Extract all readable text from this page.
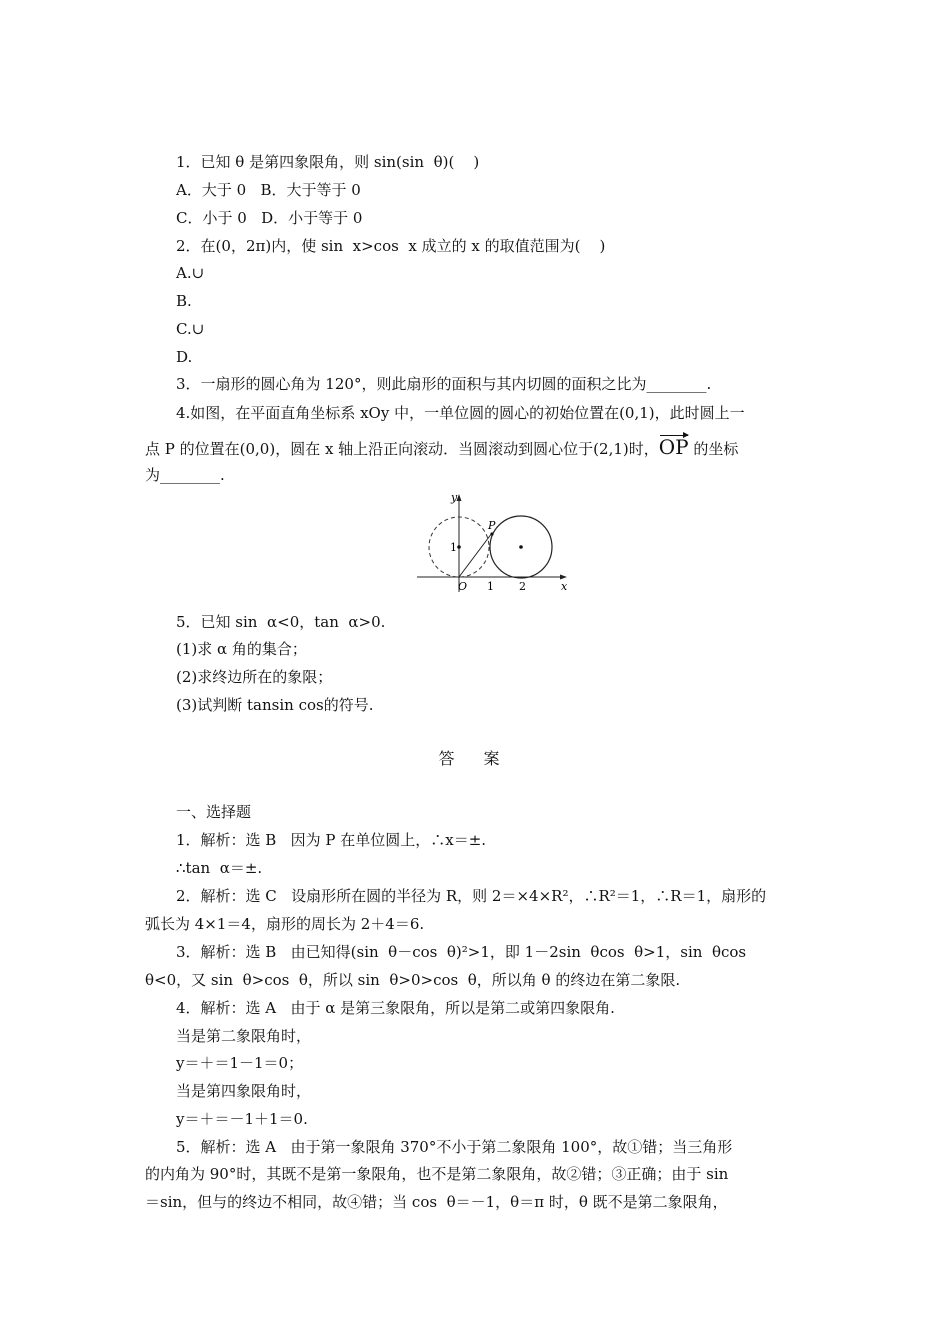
1．已知 θ 是第四象限角，则 sin(sin  θ)(    )
A．大于 0   B．大于等于 0
C．小于 0   D．小于等于 0
2．在(0，2π)内，使 sin  x>cos  x 成立的 x 的取值范围为(    )
A.∪
B.
C.∪
D.
3．一扇形的圆心角为 120°，则此扇形的面积与其内切圆的面积之比为________.
4.如图，在平面直角坐标系 xOy 中，一单位圆的圆心的初始位置在(0,1)，此时圆上一
点 P 的位置在(0,0)，圆在 x 轴上沿正向滚动．当圆滚动到圆心位于(2,1)时，OP 的坐标
为________.
P
y
x
O 1 2
1
5．已知 sin  α<0，tan  α>0.
(1)求 α 角的集合；
(2)求终边所在的象限；
(3)试判断 tansin cos的符号.
答 案
一、选择题
1．解析：选 B   因为 P 在单位圆上，∴x＝±.
∴tan  α＝±.
2．解析：选 C   设扇形所在圆的半径为 R，则 2＝×4×R²，∴R²＝1，∴R＝1，扇形的
弧长为 4×1＝4，扇形的周长为 2＋4＝6.
3．解析：选 B   由已知得(sin  θ－cos  θ)²>1，即 1－2sin  θcos  θ>1，sin  θcos
θ<0，又 sin  θ>cos  θ，所以 sin  θ>0>cos  θ，所以角 θ 的终边在第二象限.
4．解析：选 A   由于 α 是第三象限角，所以是第二或第四象限角.
当是第二象限角时，
y＝＋＝1－1＝0；
当是第四象限角时，
y＝＋＝－1＋1＝0.
5．解析：选 A   由于第一象限角 370°不小于第二象限角 100°，故①错；当三角形
的内角为 90°时，其既不是第一象限角，也不是第二象限角，故②错；③正确；由于 sin
＝sin，但与的终边不相同，故④错；当 cos  θ＝－1，θ＝π 时，θ 既不是第二象限角，
